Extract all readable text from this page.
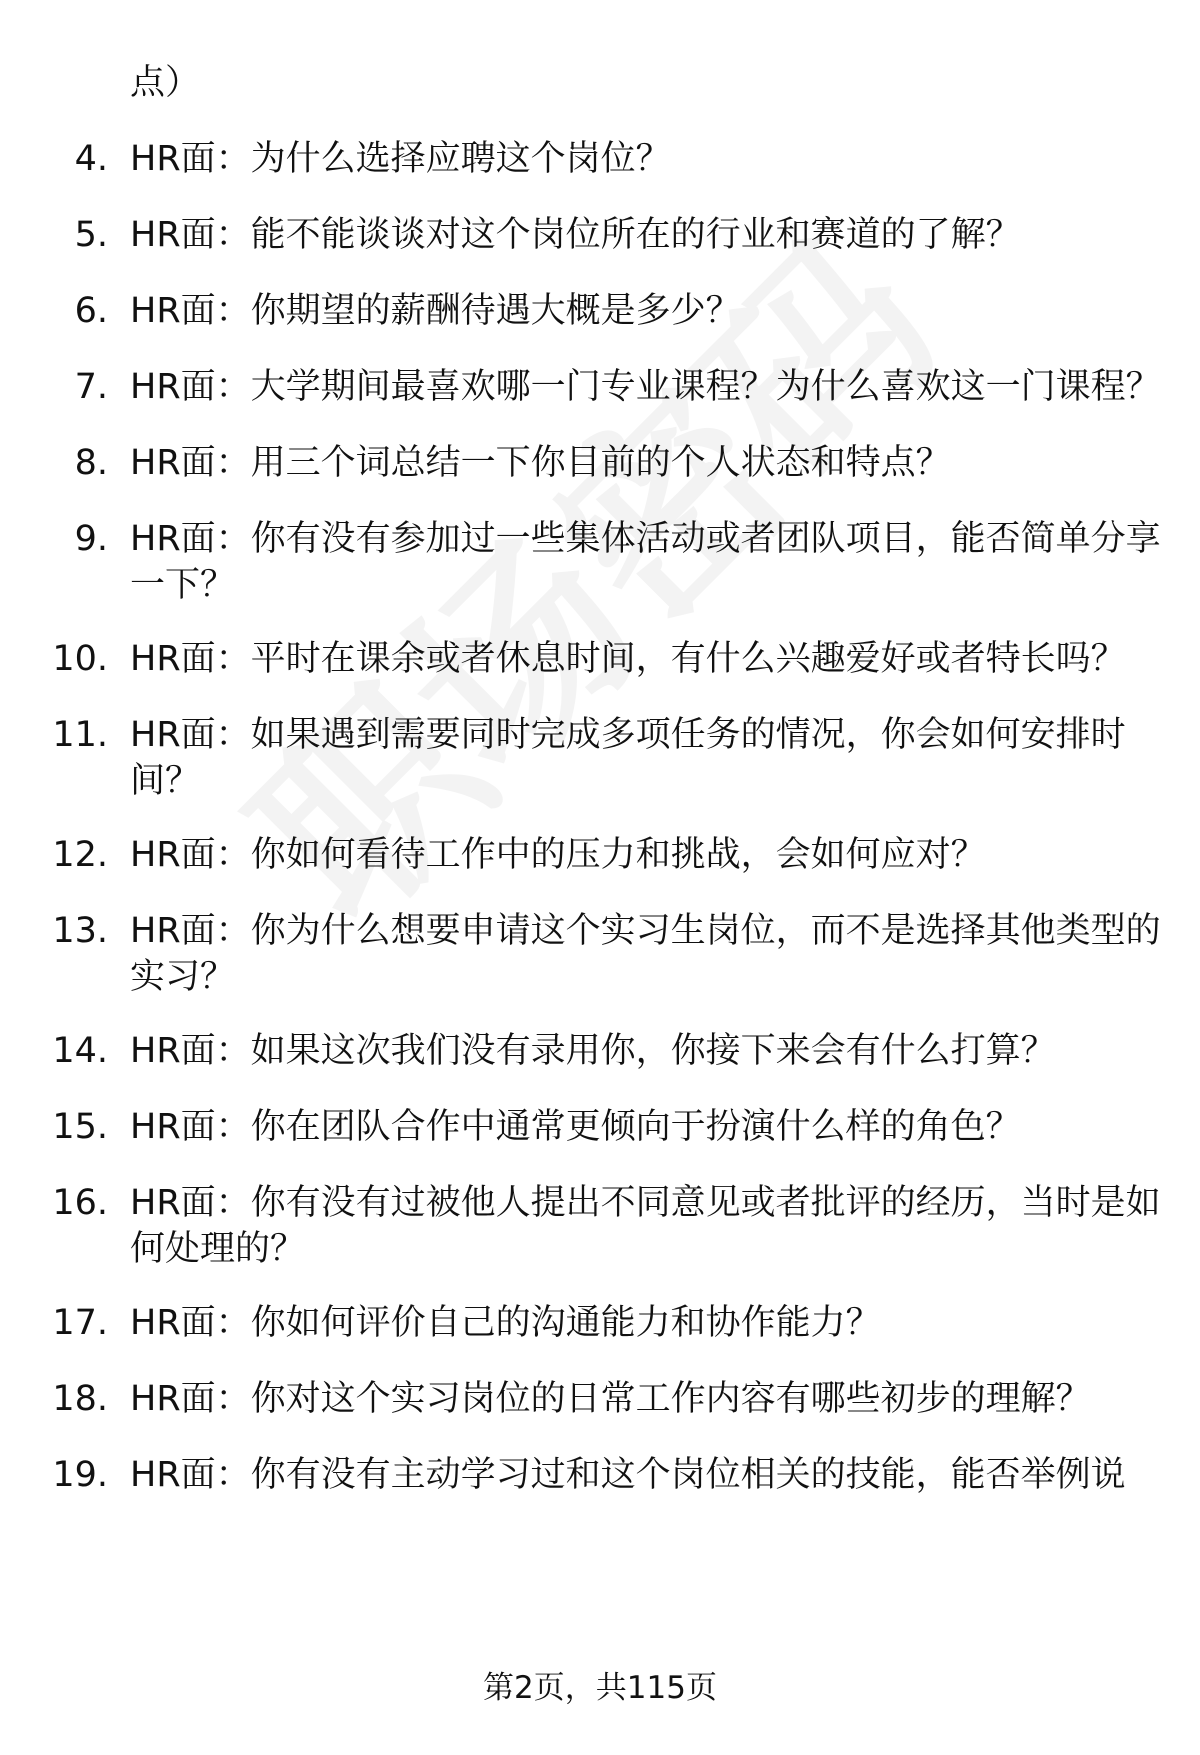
点）
4. HR面：为什么选择应聘这个岗位？
5. HR面：能不能谈谈对这个岗位所在的行业和赛道的了解？
6. HR面：你期望的薪酬待遇大概是多少？
7. HR面：大学期间最喜欢哪一门专业课程？为什么喜欢这一门课程？
8. HR面：用三个词总结一下你目前的个人状态和特点？
9. HR面：你有没有参加过一些集体活动或者团队项目，能否简单分享一下？
10. HR面：平时在课余或者休息时间，有什么兴趣爱好或者特长吗？
11. HR面：如果遇到需要同时完成多项任务的情况，你会如何安排时间？
12. HR面：你如何看待工作中的压力和挑战，会如何应对？
13. HR面：你为什么想要申请这个实习生岗位，而不是选择其他类型的实习？
14. HR面：如果这次我们没有录用你，你接下来会有什么打算？
15. HR面：你在团队合作中通常更倾向于扮演什么样的角色？
16. HR面：你有没有过被他人提出不同意见或者批评的经历，当时是如何处理的？
17. HR面：你如何评价自己的沟通能力和协作能力？
18. HR面：你对这个实习岗位的日常工作内容有哪些初步的理解？
19. HR面：你有没有主动学习过和这个岗位相关的技能，能否举例说
第2页，共115页
